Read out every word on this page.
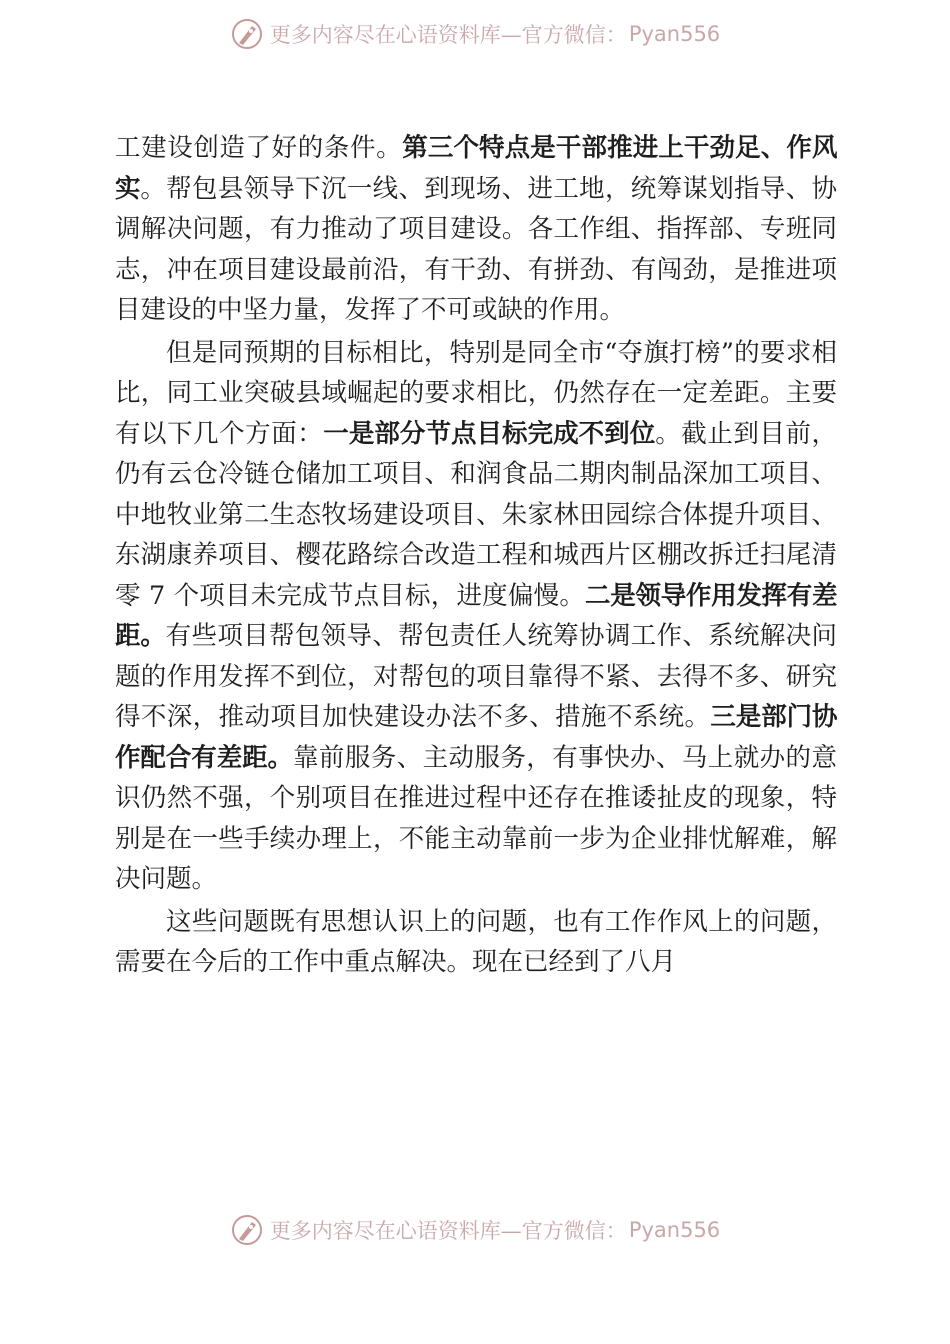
更多内容尽在心语资料库—官方微信： Pyan556

工建设创造了好的条件。第三个特点是干部推进上干劲足、作风实。帮包县领导下沉一线、到现场、进工地，统筹谋划指导、协调解决问题，有力推动了项目建设。各工作组、指挥部、专班同志，冲在项目建设最前沿，有干劲、有拼劲、有闯劲，是推进项目建设的中坚力量，发挥了不可或缺的作用。

但是同预期的目标相比，特别是同全市“夺旗打榜”的要求相比，同工业突破县域崛起的要求相比，仍然存在一定差距。主要有以下几个方面：一是部分节点目标完成不到位。截止到目前，仍有云仓冷链仓储加工项目、和润食品二期肉制品深加工项目、中地牧业第二生态牧场建设项目、朱家林田园综合体提升项目、东湖康养项目、樱花路综合改造工程和城西片区棚改拆迁扫尾清零 7 个项目未完成节点目标，进度偏慢。二是领导作用发挥有差距。有些项目帮包领导、帮包责任人统筹协调工作、系统解决问题的作用发挥不到位，对帮包的项目靠得不紧、去得不多、研究得不深，推动项目加快建设办法不多、措施不系统。三是部门协作配合有差距。靠前服务、主动服务，有事快办、马上就办的意识仍然不强，个别项目在推进过程中还存在推诿扯皮的现象，特别是在一些手续办理上，不能主动靠前一步为企业排忧解难，解决问题。

这些问题既有思想认识上的问题，也有工作作风上的问题，需要在今后的工作中重点解决。现在已经到了八月

更多内容尽在心语资料库—官方微信： Pyan556
